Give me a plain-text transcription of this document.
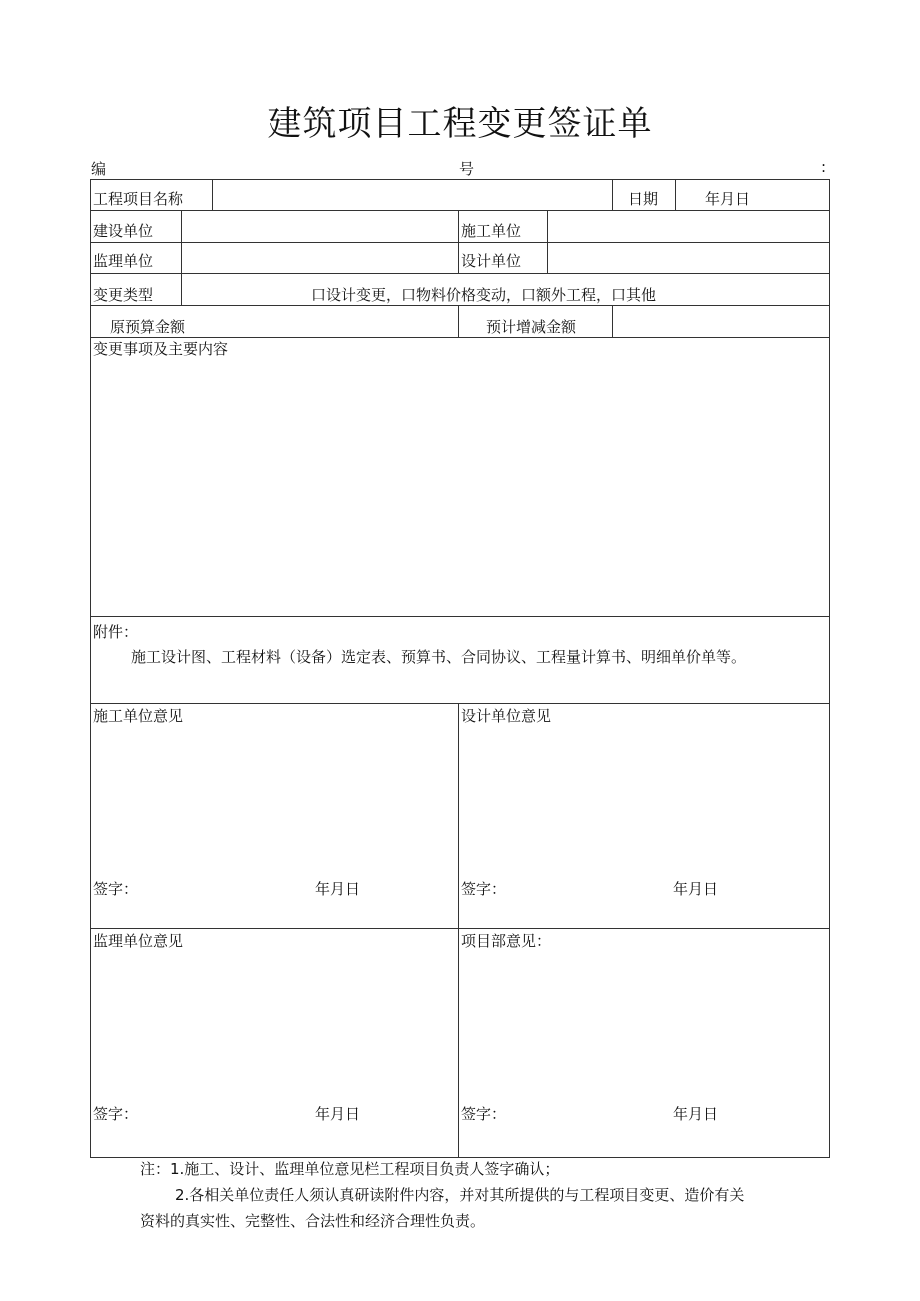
建筑项目工程变更签证单
编	号	:
工程项目名称	日期	年月日
建设单位	施工单位
监理单位	设计单位
变更类型	口设计变更，口物料价格变动，口额外工程，口其他
原预算金额	预计增减金额
变更事项及主要内容
附件：
施工设计图、工程材料（设备）选定表、预算书、合同协议、工程量计算书、明细单价单等。
施工单位意见
签字：	年月日
设计单位意见
签字：	年月日
监理单位意见
签字：	年月日
项目部意见：
签字：	年月日
注：1.施工、设计、监理单位意见栏工程项目负责人签字确认；
2.各相关单位责任人须认真研读附件内容，并对其所提供的与工程项目变更、造价有关
资料的真实性、完整性、合法性和经济合理性负责。
